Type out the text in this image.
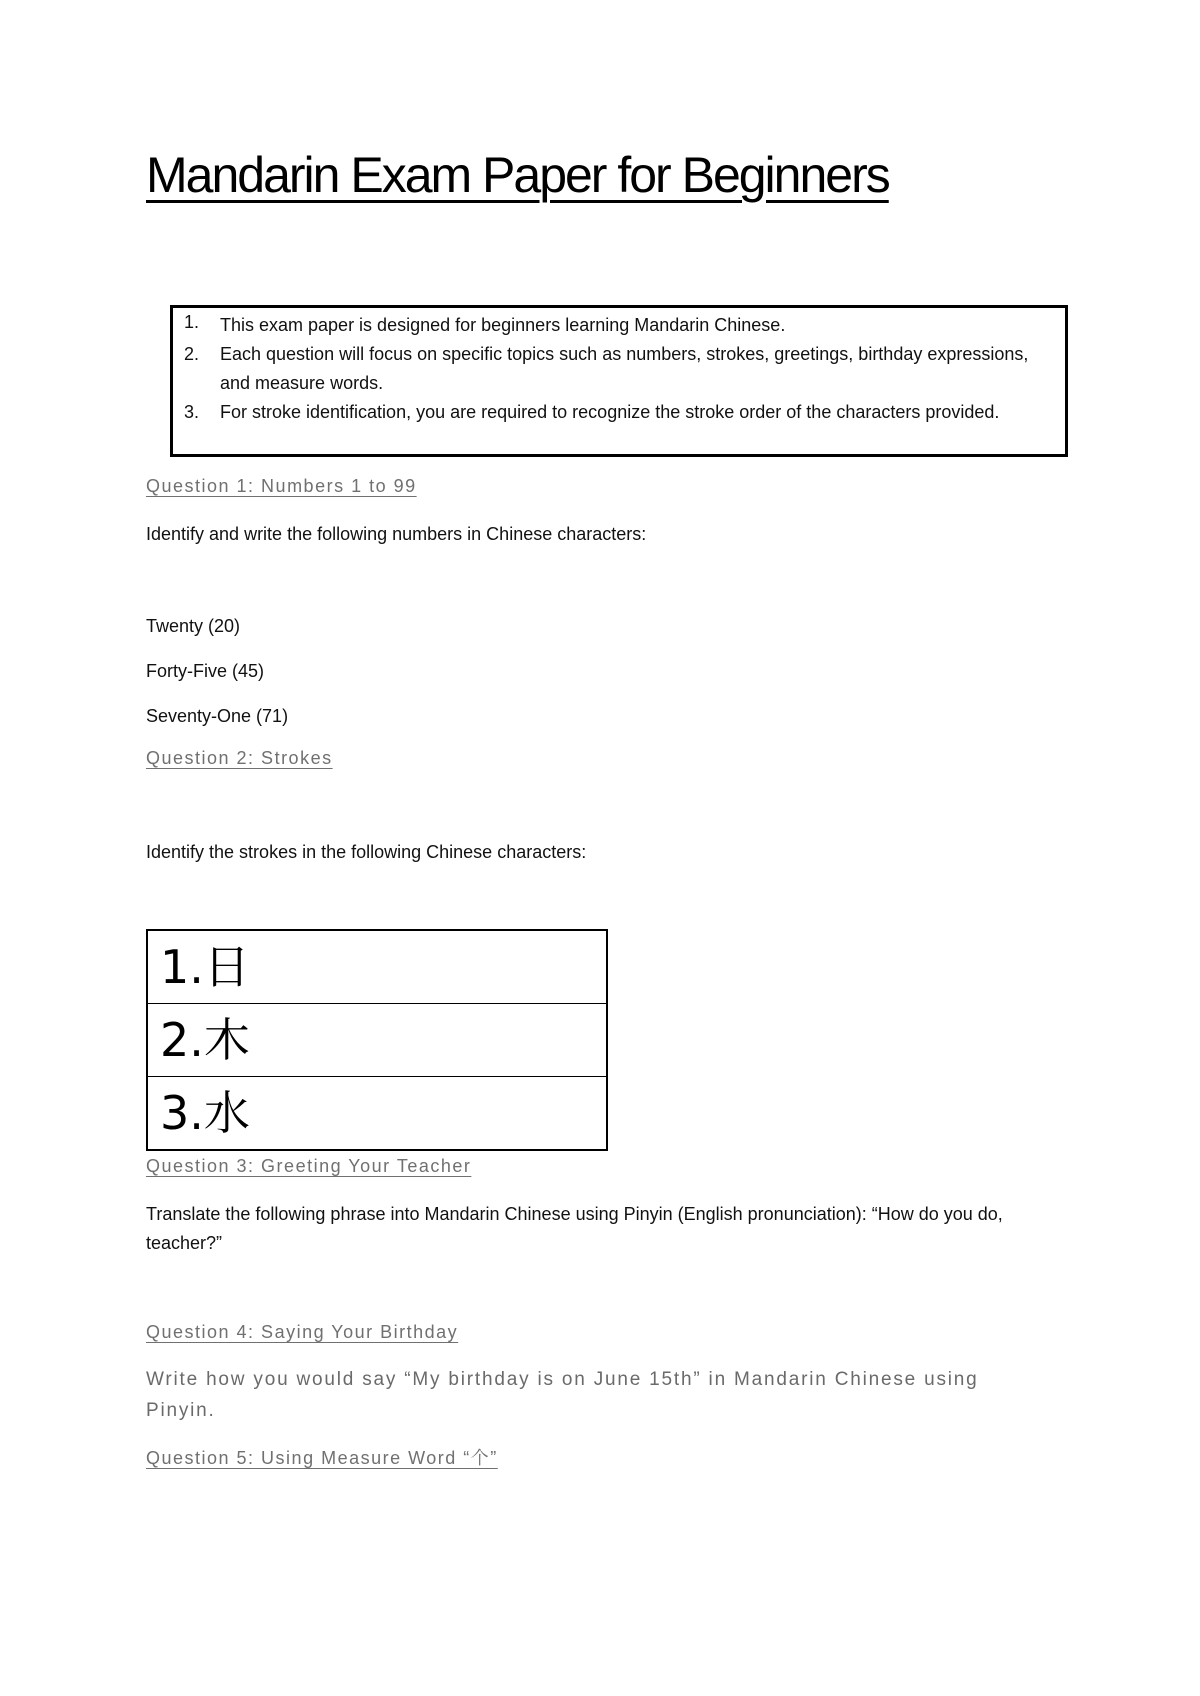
Mandarin Exam Paper for Beginners
1. This exam paper is designed for beginners learning Mandarin Chinese.
2. Each question will focus on specific topics such as numbers, strokes, greetings, birthday expressions, and measure words.
3. For stroke identification, you are required to recognize the stroke order of the characters provided.
Question 1: Numbers 1 to 99

Identify and write the following numbers in Chinese characters:

Twenty (20)

Forty-Five (45)

Seventy-One (71)

Question 2: Strokes

Identify the strokes in the following Chinese characters:

1.日
2.木
3.水
Question 3: Greeting Your Teacher

Translate the following phrase into Mandarin Chinese using Pinyin (English pronunciation): “How do you do, teacher?”

Question 4: Saying Your Birthday

Write how you would say “My birthday is on June 15th” in Mandarin Chinese using Pinyin.

Question 5: Using Measure Word “个”
